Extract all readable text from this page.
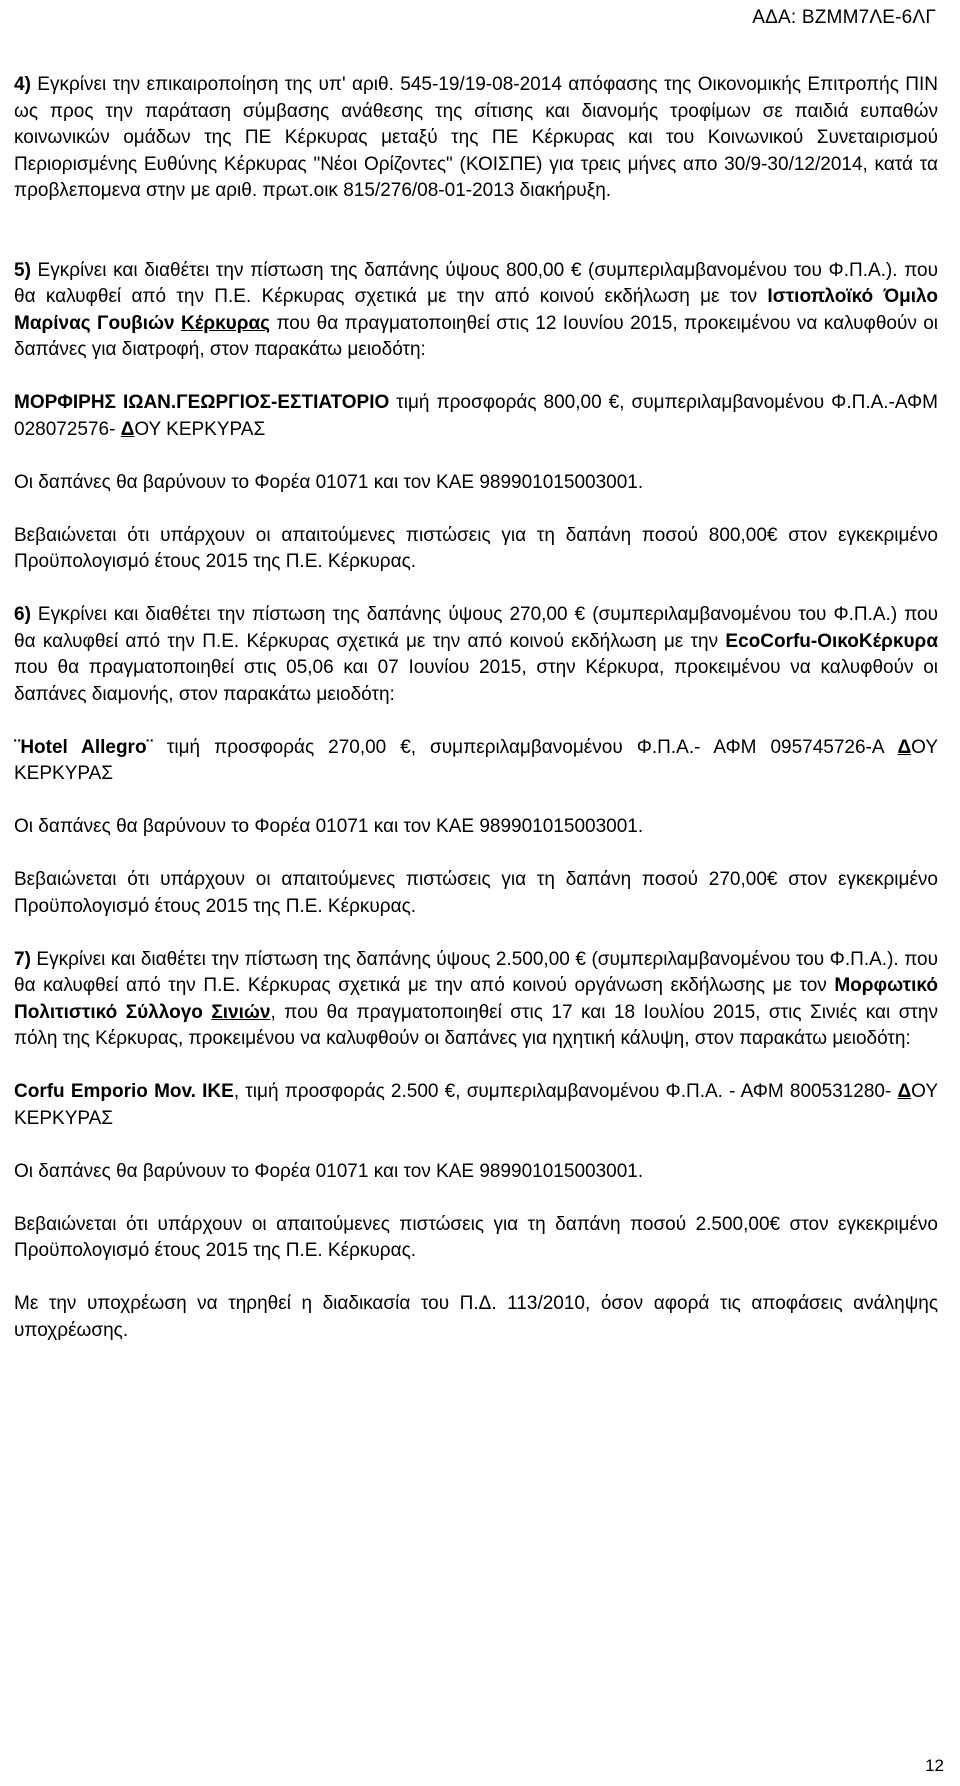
ΑΔΑ: ΒΖΜΜ7ΛΕ-6ΛΓ

4) Εγκρίνει την επικαιροποίηση της υπ' αριθ. 545-19/19-08-2014 απόφασης της Οικονομικής Επιτροπής ΠΙΝ ως προς την παράταση σύμβασης ανάθεσης της σίτισης και διανομής τροφίμων σε παιδιά ευπαθών κοινωνικών ομάδων της ΠΕ Κέρκυρας μεταξύ της ΠΕ Κέρκυρας και του Κοινωνικού Συνεταιρισμού Περιορισμένης Ευθύνης Κέρκυρας "Νέοι Ορίζοντες" (ΚΟΙΣΠΕ) για τρεις μήνες απο 30/9-30/12/2014, κατά τα προβλεπομενα στην με αριθ. πρωτ.οικ 815/276/08-01-2013 διακήρυξη.

5) Εγκρίνει και διαθέτει την πίστωση της δαπάνης ύψους 800,00 € (συμπεριλαμβανομένου του Φ.Π.Α.). που θα καλυφθεί από την Π.Ε. Κέρκυρας σχετικά με την από κοινού εκδήλωση με τον Ιστιοπλοϊκό Όμιλο Μαρίνας Γουβιών Κέρκυρας που θα πραγματοποιηθεί στις 12 Ιουνίου 2015, προκειμένου να καλυφθούν οι δαπάνες για διατροφή, στον παρακάτω μειοδότη:

ΜΟΡΦΙΡΗΣ ΙΩΑΝ.ΓΕΩΡΓΙΟΣ-ΕΣΤΙΑΤΟΡΙΟ τιμή προσφοράς 800,00 €, συμπεριλαμβανομένου Φ.Π.Α.-ΑΦΜ 028072576- ΔΟΥ ΚΕΡΚΥΡΑΣ

Οι δαπάνες θα βαρύνουν το Φορέα 01071 και τον ΚΑΕ 98990101500300​1.

Βεβαιώνεται ότι υπάρχουν οι απαιτούμενες πιστώσεις για τη δαπάνη ποσού 800,00€ στον εγκεκριμένο Προϋπολογισμό έτους 2015 της Π.Ε. Κέρκυρας.

6) Εγκρίνει και διαθέτει την πίστωση της δαπάνης ύψους 270,00 € (συμπεριλαμβανομένου του Φ.Π.Α.) που θα καλυφθεί από την Π.Ε. Κέρκυρας σχετικά με την από κοινού εκδήλωση με την EcoCorfu-ΟικοΚέρκυρα που θα πραγματοποιηθεί στις 05,06 και 07 Ιουνίου 2015, στην Κέρκυρα, προκειμένου να καλυφθούν οι δαπάνες διαμονής, στον παρακάτω μειοδότη:

¨Hotel Allegro¨ τιμή προσφοράς 270,00 €, συμπεριλαμβανομένου Φ.Π.Α.- ΑΦΜ 095745726-Α ΔΟΥ ΚΕΡΚΥΡΑΣ

Οι δαπάνες θα βαρύνουν το Φορέα 01071 και τον ΚΑΕ 98990101500300​1.

Βεβαιώνεται ότι υπάρχουν οι απαιτούμενες πιστώσεις για τη δαπάνη ποσού 270,00€ στον εγκεκριμένο Προϋπολογισμό έτους 2015 της Π.Ε. Κέρκυρας.

7) Εγκρίνει και διαθέτει την πίστωση της δαπάνης ύψους 2.500,00 € (συμπεριλαμβανομένου του Φ.Π.Α.). που θα καλυφθεί από την Π.Ε. Κέρκυρας σχετικά με την από κοινού οργάνωση εκδήλωσης με τον Μορφωτικό Πολιτιστικό Σύλλογο Σινιών, που θα πραγματοποιηθεί στις 17 και 18 Ιουλίου 2015, στις Σινιές και στην πόλη της Κέρκυρας, προκειμένου να καλυφθούν οι δαπάνες για ηχητική κάλυψη, στον παρακάτω μειοδότη:

Corfu Emporio Mov. IKE, τιμή προσφοράς 2.500 €, συμπεριλαμβανομένου Φ.Π.Α. - ΑΦΜ 800531280- ΔΟΥ ΚΕΡΚΥΡΑΣ

Οι δαπάνες θα βαρύνουν το Φορέα 01071 και τον ΚΑΕ 98990101500300​1.

Βεβαιώνεται ότι υπάρχουν οι απαιτούμενες πιστώσεις για τη δαπάνη ποσού 2.500,00€ στον εγκεκριμένο Προϋπολογισμό έτους 2015 της Π.Ε. Κέρκυρας.

Με την υποχρέωση να τηρηθεί η διαδικασία του Π.Δ. 113/2010, όσον αφορά τις αποφάσεις ανάληψης υποχρέωσης.

12
